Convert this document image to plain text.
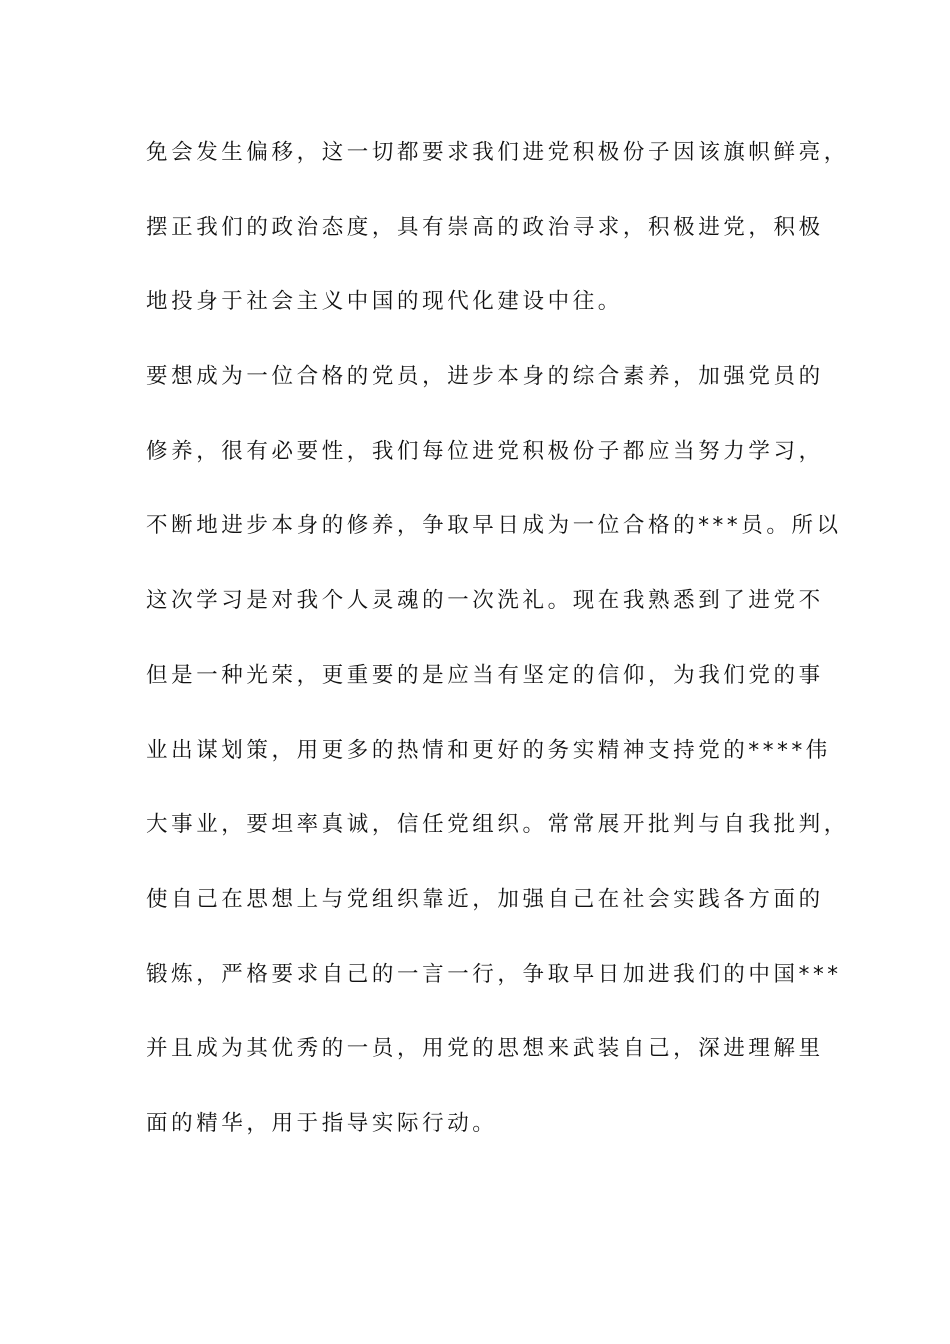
免会发生偏移，这一切都要求我们进党积极份子因该旗帜鲜亮，
摆正我们的政治态度，具有崇高的政治寻求，积极进党，积极
地投身于社会主义中国的现代化建设中往。
要想成为一位合格的党员，进步本身的综合素养，加强党员的
修养，很有必要性，我们每位进党积极份子都应当努力学习，
不断地进步本身的修养，争取早日成为一位合格的***员。所以
这次学习是对我个人灵魂的一次洗礼。现在我熟悉到了进党不
但是一种光荣，更重要的是应当有坚定的信仰，为我们党的事
业出谋划策，用更多的热情和更好的务实精神支持党的****伟
大事业，要坦率真诚，信任党组织。常常展开批判与自我批判，
使自己在思想上与党组织靠近，加强自己在社会实践各方面的
锻炼，严格要求自己的一言一行，争取早日加进我们的中国***
并且成为其优秀的一员，用党的思想来武装自己，深进理解里
面的精华，用于指导实际行动。
